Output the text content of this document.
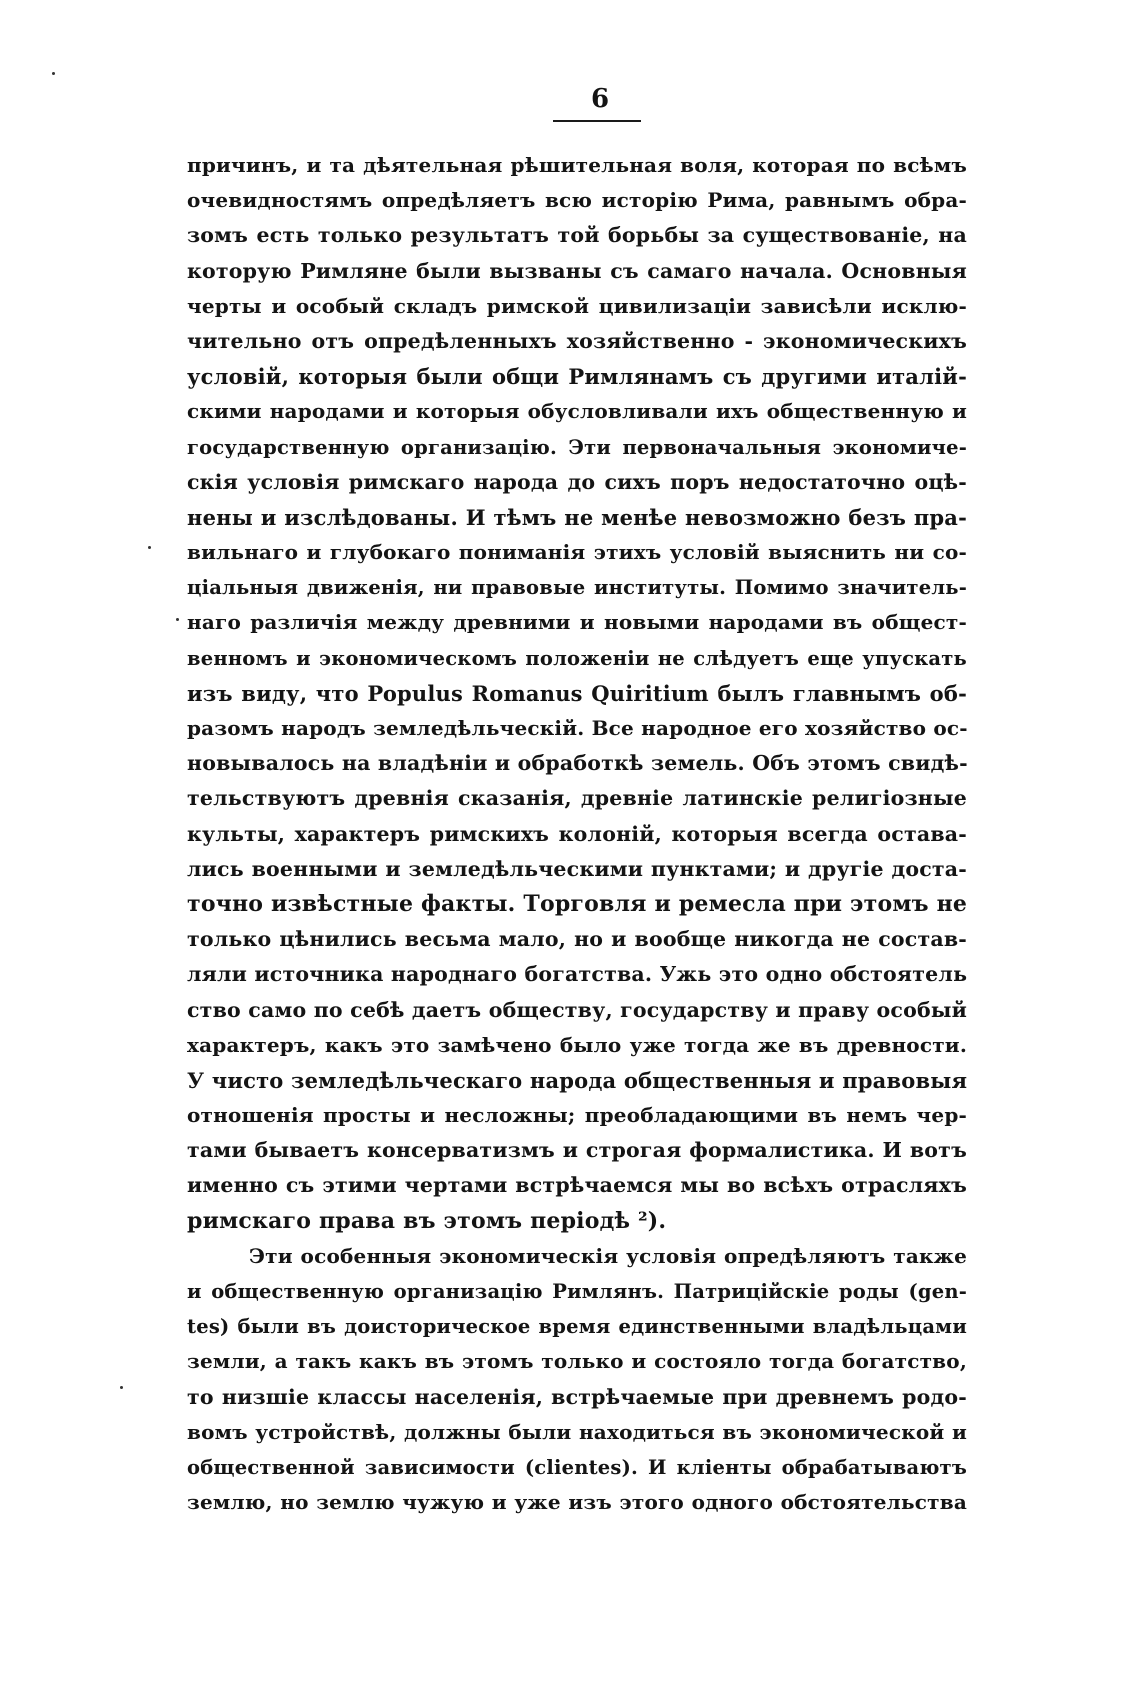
6
причинъ, и та дѣятельная рѣшительная воля, которая по всѣмъ
очевидностямъ опредѣляетъ всю исторію Рима, равнымъ обра-
зомъ есть только результатъ той борьбы за существованіе, на
которую Римляне были вызваны съ самаго начала. Основныя
черты и особый складъ римской цивилизаціи зависѣли исклю-
чительно отъ опредѣленныхъ хозяйственно - экономическихъ
условій, которыя были общи Римлянамъ съ другими италій-
скими народами и которыя обусловливали ихъ общественную и
государственную организацію. Эти первоначальныя экономиче-
скія условія римскаго народа до сихъ поръ недостаточно оцѣ-
нены и изслѣдованы. И тѣмъ не менѣе невозможно безъ пра-
вильнаго и глубокаго пониманія этихъ условій выяснить ни со-
ціальныя движенія, ни правовые институты. Помимо значитель-
наго различія между древними и новыми народами въ общест-
венномъ и экономическомъ положеніи не слѣдуетъ еще упускать
изъ виду, что Populus Romanus Quiritium былъ главнымъ об-
разомъ народъ земледѣльческій. Все народное его хозяйство ос-
новывалось на владѣніи и обработкѣ земель. Объ этомъ свидѣ-
тельствуютъ древнія сказанія, древніе латинскіе религіозные
культы, характеръ римскихъ колоній, которыя всегда остава-
лись военными и земледѣльческими пунктами; и другіе доста-
точно извѣстные факты. Торговля и ремесла при этомъ не
только цѣнились весьма мало, но и вообще никогда не состав-
ляли источника народнаго богатства. Ужь это одно обстоятель
ство само по себѣ даетъ обществу, государству и праву особый
характеръ, какъ это замѣчено было уже тогда же въ древности.
У чисто земледѣльческаго народа общественныя и правовыя
отношенія просты и несложны; преобладающими въ немъ чер-
тами бываетъ консерватизмъ и строгая формалистика. И вотъ
именно съ этими чертами встрѣчаемся мы во всѣхъ отрасляхъ
римскаго права въ этомъ періодѣ ²).
Эти особенныя экономическія условія опредѣляютъ также
и общественную организацію Римлянъ. Патриційскіе роды (gen-
tes) были въ доисторическое время единственными владѣльцами
земли, а такъ какъ въ этомъ только и состояло тогда богатство,
то низшіе классы населенія, встрѣчаемые при древнемъ родо-
вомъ устройствѣ, должны были находиться въ экономической и
общественной зависимости (clientes). И кліенты обрабатываютъ
землю, но землю чужую и уже изъ этого одного обстоятельства
